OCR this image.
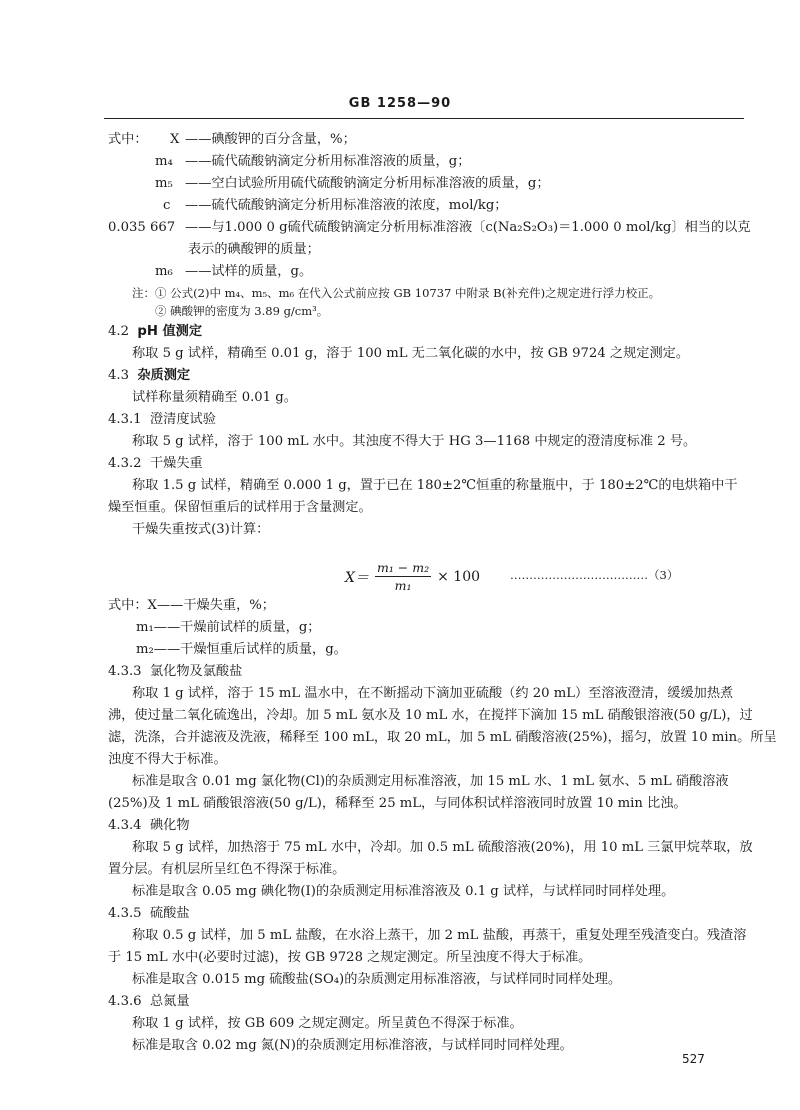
GB 1258—90
式中： X ——碘酸钾的百分含量，%；
m₄ ——硫代硫酸钠滴定分析用标准溶液的质量，g；
m₅ ——空白试验所用硫代硫酸钠滴定分析用标准溶液的质量，g；
c ——硫代硫酸钠滴定分析用标准溶液的浓度，mol/kg；
0.035 667 ——与1.000 0 g硫代硫酸钠滴定分析用标准溶液〔c(Na₂S₂O₃)＝1.000 0 mol/kg〕相当的以克
表示的碘酸钾的质量；
m₆ ——试样的质量，g。
注：① 公式(2)中 m₄、m₅、m₆ 在代入公式前应按 GB 10737 中附录 B(补充件)之规定进行浮力校正。
② 碘酸钾的密度为 3.89 g/cm³。
4.2 pH 值测定
称取 5 g 试样，精确至 0.01 g，溶于 100 mL 无二氧化碳的水中，按 GB 9724 之规定测定。
4.3 杂质测定
试样称量须精确至 0.01 g。
4.3.1 澄清度试验
称取 5 g 试样，溶于 100 mL 水中。其浊度不得大于 HG 3—1168 中规定的澄清度标准 2 号。
4.3.2 干燥失重
称取 1.5 g 试样，精确至 0.000 1 g，置于已在 180±2℃恒重的称量瓶中，于 180±2℃的电烘箱中干
燥至恒重。保留恒重后的试样用于含量测定。
干燥失重按式(3)计算：
$X= \frac{\text{m₁ − m₂}}{\text{m₁}} \times 100$	………………………………（3）
式中：X——干燥失重，%；
m₁——干燥前试样的质量，g；
m₂——干燥恒重后试样的质量，g。
4.3.3 氯化物及氯酸盐
称取 1 g 试样，溶于 15 mL 温水中，在不断摇动下滴加亚硫酸（约 20 mL）至溶液澄清，缓缓加热煮
沸，使过量二氧化硫逸出，冷却。加 5 mL 氨水及 10 mL 水，在搅拌下滴加 15 mL 硝酸银溶液(50 g/L)，过
滤，洗涤，合并滤液及洗液，稀释至 100 mL，取 20 mL，加 5 mL 硝酸溶液(25%)，摇匀，放置 10 min。所呈
浊度不得大于标准。
标准是取含 0.01 mg 氯化物(Cl)的杂质测定用标准溶液，加 15 mL 水、1 mL 氨水、5 mL 硝酸溶液
(25%)及 1 mL 硝酸银溶液(50 g/L)，稀释至 25 mL，与同体积试样溶液同时放置 10 min 比浊。
4.3.4 碘化物
称取 5 g 试样，加热溶于 75 mL 水中，冷却。加 0.5 mL 硫酸溶液(20%)，用 10 mL 三氯甲烷萃取，放
置分层。有机层所呈红色不得深于标准。
标准是取含 0.05 mg 碘化物(I)的杂质测定用标准溶液及 0.1 g 试样，与试样同时同样处理。
4.3.5 硫酸盐
称取 0.5 g 试样，加 5 mL 盐酸，在水浴上蒸干，加 2 mL 盐酸，再蒸干，重复处理至残渣变白。残渣溶
于 15 mL 水中(必要时过滤)，按 GB 9728 之规定测定。所呈浊度不得大于标准。
标准是取含 0.015 mg 硫酸盐(SO₄)的杂质测定用标准溶液，与试样同时同样处理。
4.3.6 总氮量
称取 1 g 试样，按 GB 609 之规定测定。所呈黄色不得深于标准。
标准是取含 0.02 mg 氮(N)的杂质测定用标准溶液，与试样同时同样处理。
527
